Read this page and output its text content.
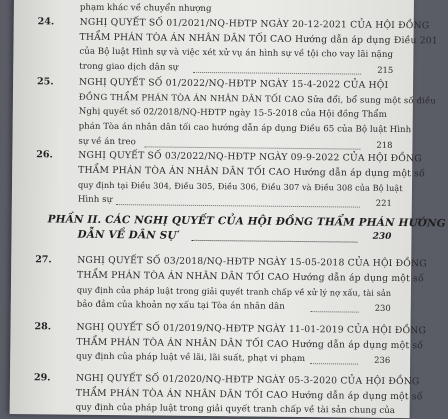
phạm khác về chuyển nhượng
24.	NGHỊ QUYẾT SỐ 01/2021/NQ-HĐTP NGÀY 20-12-2021 CỦA HỘI ĐỒNG
THẨM PHÁN TÒA ÁN NHÂN DÂN TỐI CAO Hướng dẫn áp dụng Điều 201
của Bộ luật Hình sự và việc xét xử vụ án hình sự về tội cho vay lãi nặng
trong giao dịch dân sự	215
25.	NGHỊ QUYẾT SỐ 01/2022/NQ-HĐTP NGÀY 15-4-2022 CỦA HỘI
ĐỒNG THẨM PHÁN TÒA ÁN NHÂN DÂN TỐI CAO Sửa đổi, bổ sung một số điều
Nghị quyết số 02/2018/NQ-HĐTP ngày 15-5-2018 của Hội đồng Thẩm
phán Tòa án nhân dân tối cao hướng dẫn áp dụng Điều 65 của Bộ luật Hình
sự về án treo	218
26.	NGHỊ QUYẾT SỐ 03/2022/NQ-HĐTP NGÀY 09-9-2022 CỦA HỘI ĐỒNG
THẨM PHÁN TÒA ÁN NHÂN DÂN TỐI CAO Hướng dẫn áp dụng một số
quy định tại Điều 304, Điều 305, Điều 306, Điều 307 và Điều 308 của Bộ luật
Hình sự	221
PHẦN II. CÁC NGHỊ QUYẾT CỦA HỘI ĐỒNG THẨM PHÁN HƯỚNG
DẪN VỀ DÂN SỰ	230
27.	NGHỊ QUYẾT SỐ 03/2018/NQ-HĐTP NGÀY 15-05-2018 CỦA HỘI ĐỒNG
THẨM PHÁN TÒA ÁN NHÂN DÂN TỐI CAO Hướng dẫn áp dụng một số
quy định của pháp luật trong giải quyết tranh chấp về xử lý nợ xấu, tài sản
bảo đảm của khoản nợ xấu tại Tòa án nhân dân	230
28.	NGHỊ QUYẾT SỐ 01/2019/NQ-HĐTP NGÀY 11-01-2019 CỦA HỘI ĐỒNG
THẨM PHÁN TÒA ÁN NHÂN DÂN TỐI CAO Hướng dẫn áp dụng một số
quy định của pháp luật về lãi, lãi suất, phạt vi phạm	236
29.	NGHỊ QUYẾT SỐ 01/2020/NQ-HĐTP NGÀY 05-3-2020 CỦA HỘI ĐỒNG
THẨM PHÁN TÒA ÁN NHÂN DÂN TỐI CAO Hướng dẫn áp dụng một số
quy định của pháp luật trong giải quyết tranh chấp về tài sản chung của
